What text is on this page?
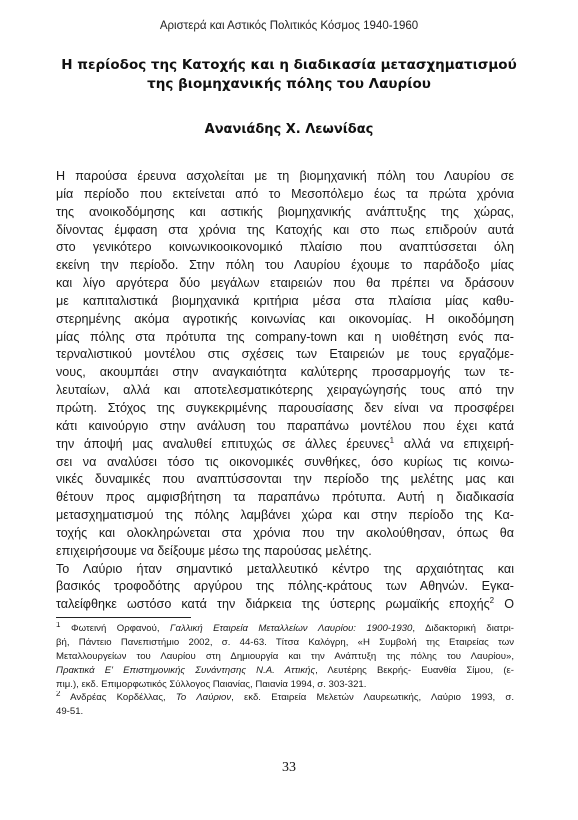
Αριστερά και Αστικός Πολιτικός Κόσμος 1940-1960
Η περίοδος της Κατοχής και η διαδικασία μετασχηματισμού
της βιομηχανικής πόλης του Λαυρίου
Ανανιάδης Χ. Λεωνίδας
Η παρούσα έρευνα ασχολείται με τη βιομηχανική πόλη του Λαυρίου σε
μία περίοδο που εκτείνεται από το Μεσοπόλεμο έως τα πρώτα χρόνια
της ανοικοδόμησης και αστικής βιομηχανικής ανάπτυξης της χώρας,
δίνοντας έμφαση στα χρόνια της Κατοχής και στο πως επιδρούν αυτά
στο γενικότερο κοινωνικοοικονομικό πλαίσιο που αναπτύσσεται όλη
εκείνη την περίοδο. Στην πόλη του Λαυρίου έχουμε το παράδοξο μίας
και λίγο αργότερα δύο μεγάλων εταιρειών που θα πρέπει να δράσουν
με καπιταλιστικά βιομηχανικά κριτήρια μέσα στα πλαίσια μίας καθυ-
στερημένης ακόμα αγροτικής κοινωνίας και οικονομίας. Η οικοδόμηση
μίας πόλης στα πρότυπα της company-town και η υιοθέτηση ενός πα-
τερναλιστικού μοντέλου στις σχέσεις των Εταιρειών με τους εργαζόμε-
νους, ακουμπάει στην αναγκαιότητα καλύτερης προσαρμογής των τε-
λευταίων, αλλά και αποτελεσματικότερης χειραγώγησής τους από την
πρώτη. Στόχος της συγκεκριμένης παρουσίασης δεν είναι να προσφέρει
κάτι καινούργιο στην ανάλυση του παραπάνω μοντέλου που έχει κατά
την άποψή μας αναλυθεί επιτυχώς σε άλλες έρευνες$^1$ αλλά να επιχειρή-
σει να αναλύσει τόσο τις οικονομικές συνθήκες, όσο κυρίως τις κοινω-
νικές δυναμικές που αναπτύσσονται την περίοδο της μελέτης μας και
θέτουν προς αμφισβήτηση τα παραπάνω πρότυπα. Αυτή η διαδικασία
μετασχηματισμού της πόλης λαμβάνει χώρα και στην περίοδο της Κα-
τοχής και ολοκληρώνεται στα χρόνια που την ακολούθησαν, όπως θα
επιχειρήσουμε να δείξουμε μέσω της παρούσας μελέτης.
Το Λαύριο ήταν σημαντικό μεταλλευτικό κέντρο της αρχαιότητας και
βασικός τροφοδότης αργύρου της πόλης-κράτους των Αθηνών. Εγκα-
ταλείφθηκε ωστόσο κατά την διάρκεια της ύστερης ρωμαϊκής εποχής$^2$ Ο
$^1$ Φωτεινή Ορφανού, Γαλλική Εταιρεία Μεταλλείων Λαυρίου: 1900-1930, Διδακτορική διατρι-
βή, Πάντειο Πανεπιστήμιο 2002, σ. 44-63. Τίτσα Καλόγρη, «Η Συμβολή της Εταιρείας των
Μεταλλουργείων του Λαυρίου στη Δημιουργία και την Ανάπτυξη της πόλης του Λαυρίου»,
Πρακτικά Ε' Επιστημονικής Συνάντησης Ν.Α. Αττικής, Λευτέρης Βεκρής- Ευανθία Σίμου, (ε-
πιμ.), εκδ. Επιμορφωτικός Σύλλογος Παιανίας, Παιανία 1994, σ. 303-321.
$^2$ Ανδρέας Κορδέλλας, Το Λαύριον, εκδ. Εταιρεία Μελετών Λαυρεωτικής, Λαύριο 1993, σ.
49-51.
33
